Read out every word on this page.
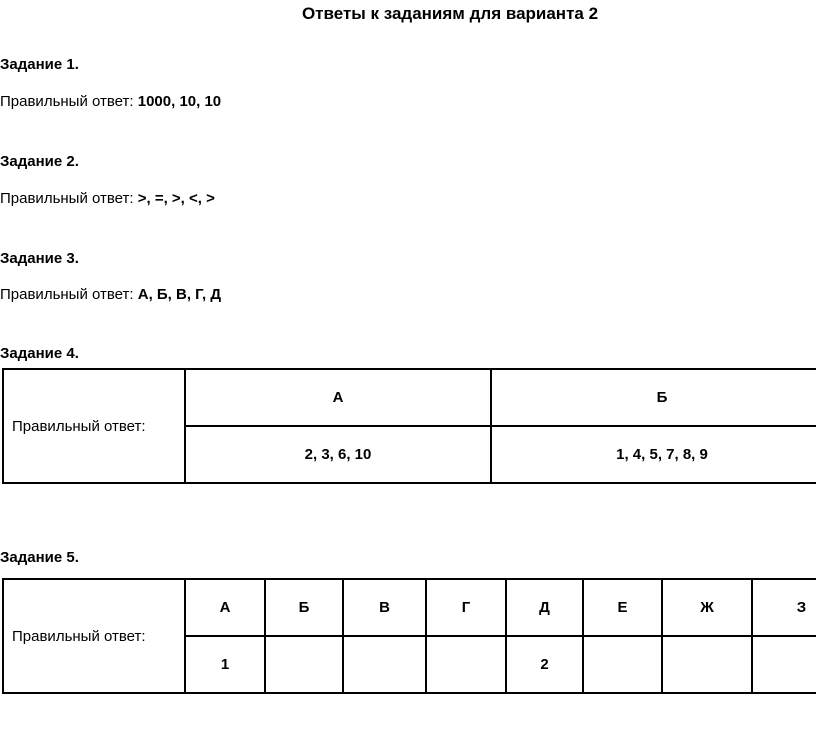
Ответы к заданиям для варианта 2
Задание 1.
Правильный ответ: 1000, 10, 10
Задание 2.
Правильный ответ: >, =, >, <, >
Задание 3.
Правильный ответ: А, Б, В, Г, Д
Задание 4.
Правильный ответ:	А	Б
	2, 3, 6, 10	1, 4, 5, 7, 8, 9
Задание 5.
Правильный ответ:	А	Б	В	Г	Д	Е	Ж	З
	1				2			
